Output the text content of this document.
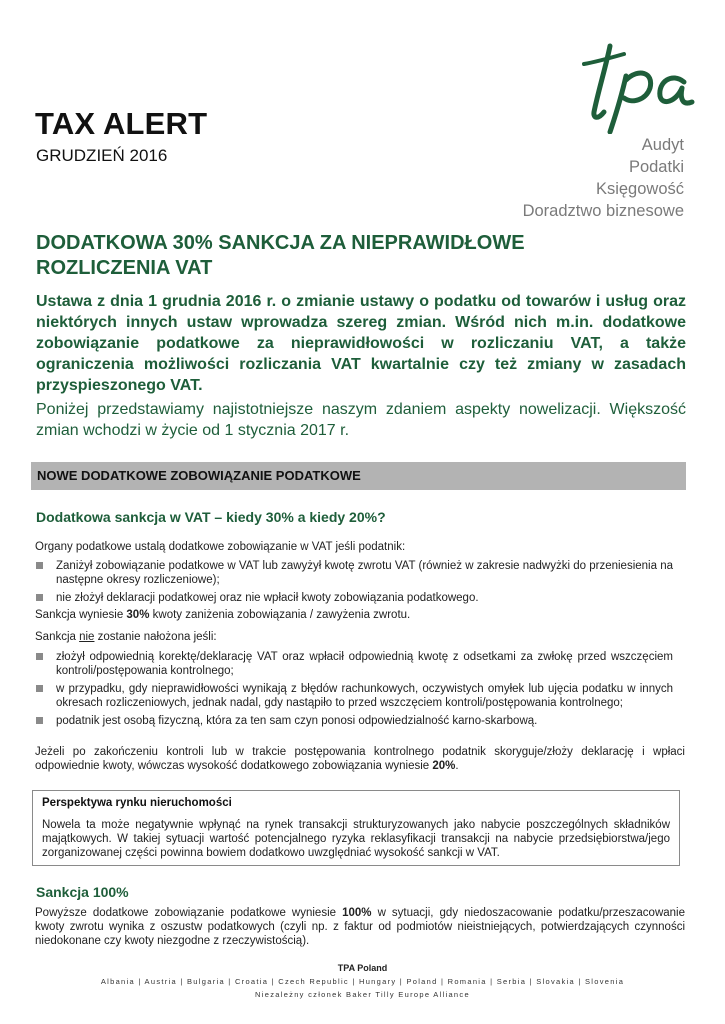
TAX ALERT
GRUDZIEŃ 2016
Audyt
Podatki
Księgowość
Doradztwo biznesowe
DODATKOWA 30% SANKCJA ZA NIEPRAWIDŁOWE
ROZLICZENIA VAT
Ustawa z dnia 1 grudnia 2016 r. o zmianie ustawy o podatku od towarów i usług oraz niektórych innych ustaw wprowadza szereg zmian. Wśród nich m.in. dodatkowe zobowiązanie podatkowe za nieprawidłowości w rozliczaniu VAT, a także ograniczenia możliwości rozliczania VAT kwartalnie czy też zmiany w zasadach przyspieszonego VAT.
Poniżej przedstawiamy najistotniejsze naszym zdaniem aspekty nowelizacji. Większość zmian wchodzi w życie od 1 stycznia 2017 r.
NOWE DODATKOWE ZOBOWIĄZANIE PODATKOWE
Dodatkowa sankcja w VAT – kiedy 30% a kiedy 20%?
Organy podatkowe ustalą dodatkowe zobowiązanie w VAT jeśli podatnik:
Zaniżył zobowiązanie podatkowe w VAT lub zawyżył kwotę zwrotu VAT (również w zakresie nadwyżki do przeniesienia na następne okresy rozliczeniowe);
nie złożył deklaracji podatkowej oraz nie wpłacił kwoty zobowiązania podatkowego.
Sankcja wyniesie 30% kwoty zaniżenia zobowiązania / zawyżenia zwrotu.
Sankcja nie zostanie nałożona jeśli:
złożył odpowiednią korektę/deklarację VAT oraz wpłacił odpowiednią kwotę z odsetkami za zwłokę przed wszczęciem kontroli/postępowania kontrolnego;
w przypadku, gdy nieprawidłowości wynikają z błędów rachunkowych, oczywistych omyłek lub ujęcia podatku w innych okresach rozliczeniowych, jednak nadal, gdy nastąpiło to przed wszczęciem kontroli/postępowania kontrolnego;
podatnik jest osobą fizyczną, która za ten sam czyn ponosi odpowiedzialność karno-skarbową.
Jeżeli po zakończeniu kontroli lub w trakcie postępowania kontrolnego podatnik skoryguje/złoży deklarację i wpłaci odpowiednie kwoty, wówczas wysokość dodatkowego zobowiązania wyniesie 20%.
Perspektywa rynku nieruchomości
Nowela ta może negatywnie wpłynąć na rynek transakcji strukturyzowanych jako nabycie poszczególnych składników majątkowych. W takiej sytuacji wartość potencjalnego ryzyka reklasyfikacji transakcji na nabycie przedsiębiorstwa/jego zorganizowanej części powinna bowiem dodatkowo uwzględniać wysokość sankcji w VAT.
Sankcja 100%
Powyższe dodatkowe zobowiązanie podatkowe wyniesie 100% w sytuacji, gdy niedoszacowanie podatku/przeszacowanie kwoty zwrotu wynika z oszustw podatkowych (czyli np. z faktur od podmiotów nieistniejących, potwierdzających czynności niedokonane czy kwoty niezgodne z rzeczywistością).
TPA Poland
Albania | Austria | Bulgaria | Croatia | Czech Republic | Hungary | Poland | Romania | Serbia | Slovakia | Slovenia
Niezależny członek Baker Tilly Europe Alliance
